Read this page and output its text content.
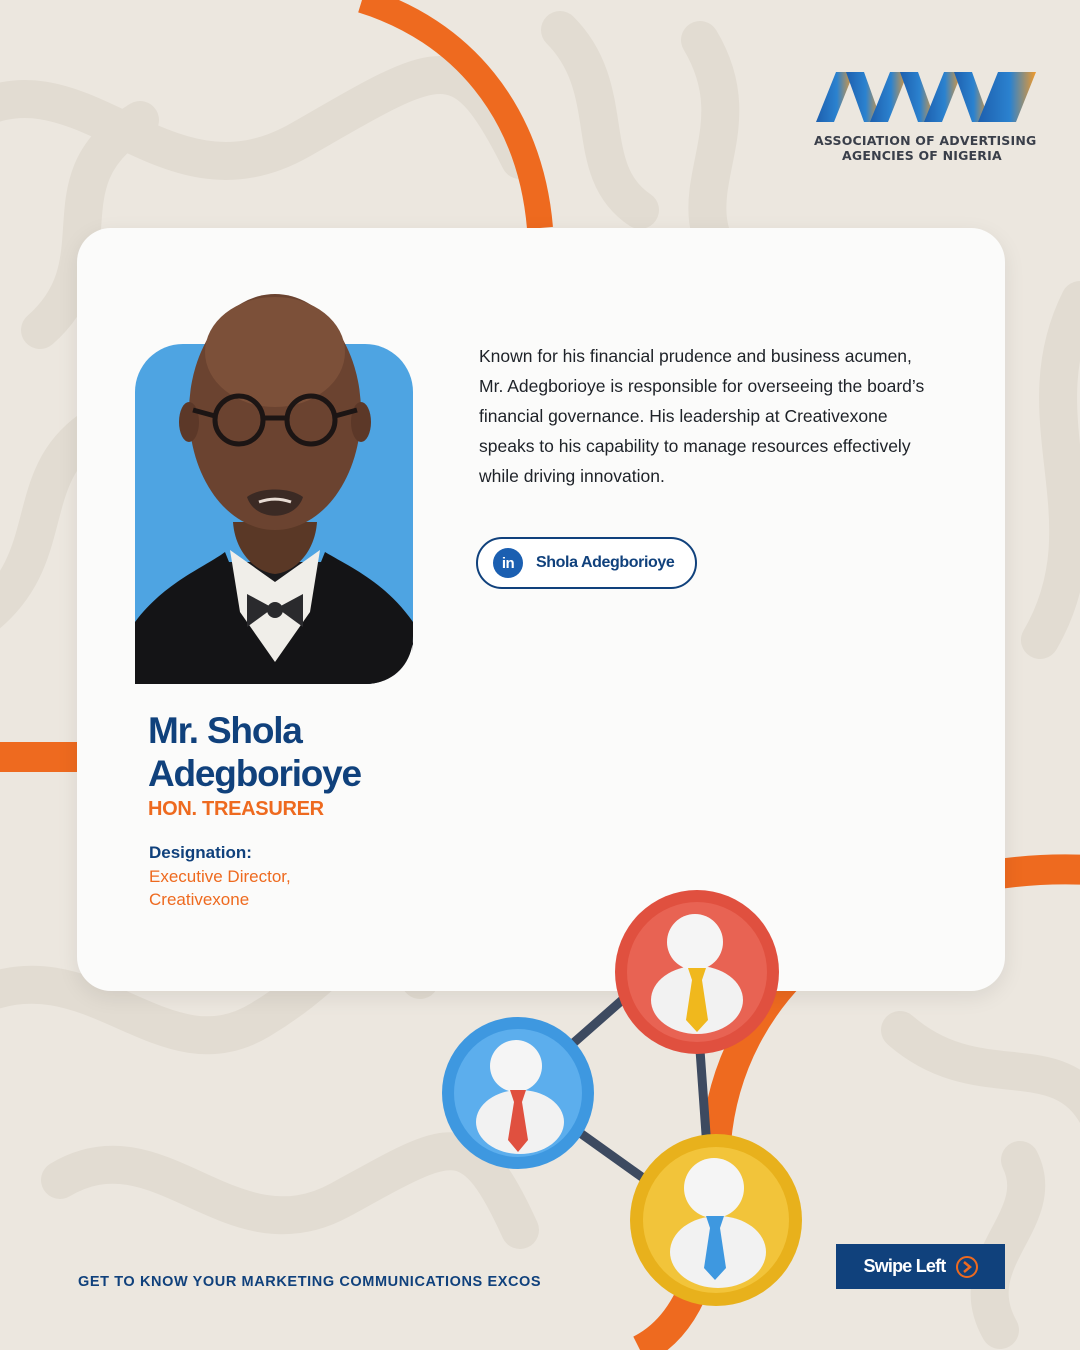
ASSOCIATION OF ADVERTISING
AGENCIES OF NIGERIA
Mr. Shola
Adegborioye
HON. TREASURER
Designation:
Executive Director,
Creativexone
Known for his financial prudence and business acumen,
Mr. Adegborioye is responsible for overseeing the board’s
financial governance. His leadership at Creativexone
speaks to his capability to manage resources effectively
while driving innovation.
in	Shola Adegborioye
GET TO KNOW YOUR MARKETING COMMUNICATIONS EXCOS
Swipe Left
